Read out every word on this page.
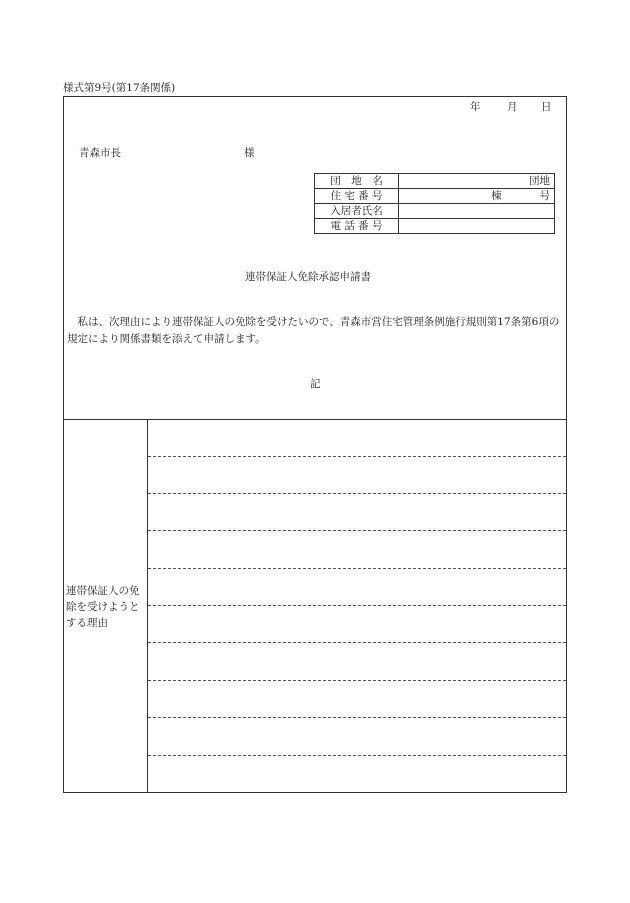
様式第9号(第17条関係)
年	月 日
青森市長	様
団　地　名	団地
住 宅 番 号	棟 号
入居者氏名	
電 話 番 号	
連帯保証人免除承認申請書
　私は、次理由により連帯保証人の免除を受けたいので、青森市営住宅管理条例施行規則第17条第6項の規定により関係書類を添えて申請します。
記
連帯保証人の免除を受けようとする理由
